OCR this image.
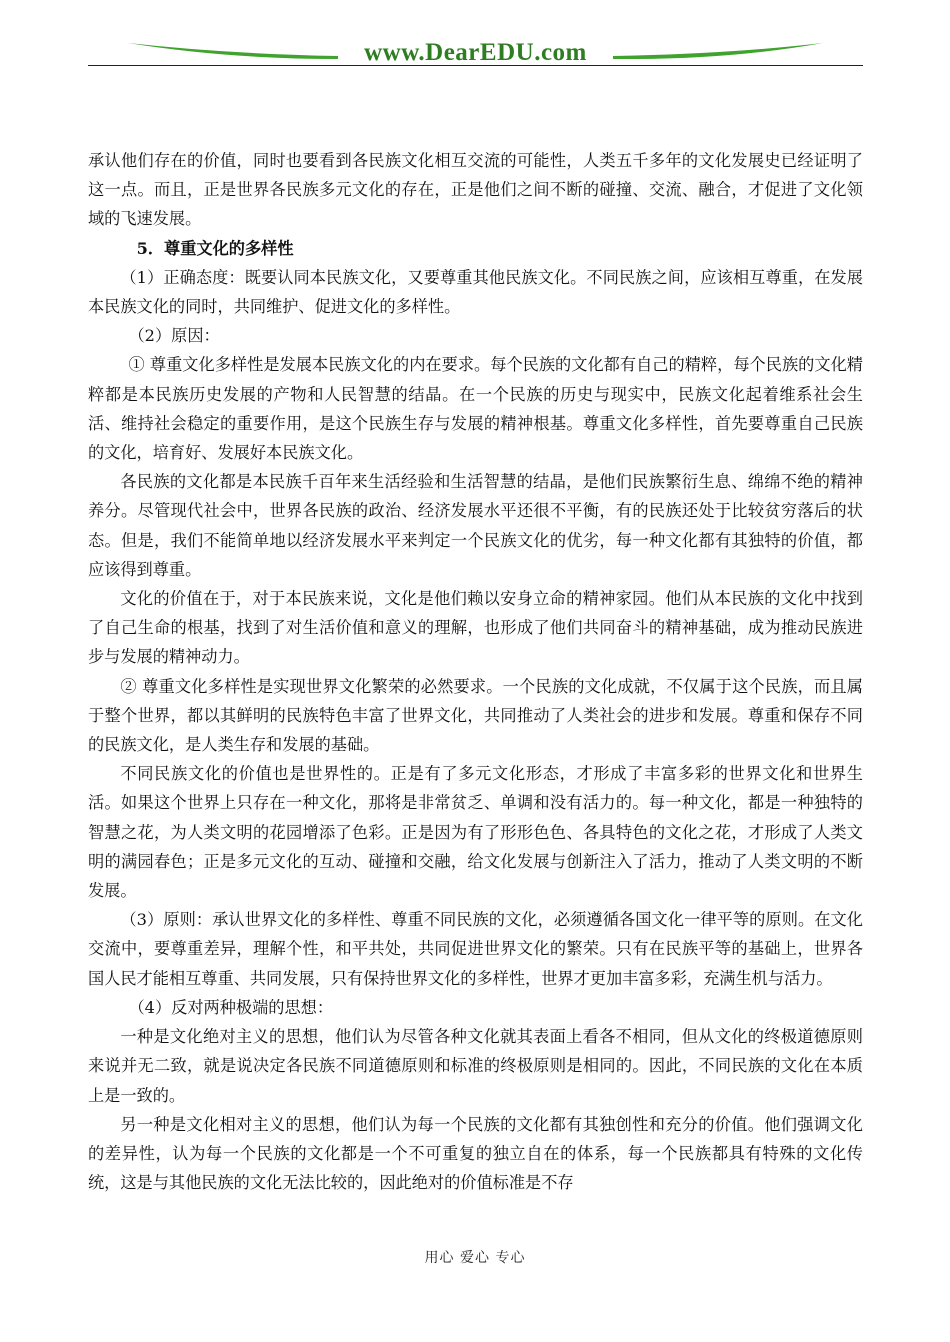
www.DearEDU.com

承认他们存在的价值，同时也要看到各民族文化相互交流的可能性，人类五千多年的文化发展史已经证明了这一点。而且，正是世界各民族多元文化的存在，正是他们之间不断的碰撞、交流、融合，才促进了文化领域的飞速发展。

5．尊重文化的多样性

（1）正确态度：既要认同本民族文化，又要尊重其他民族文化。不同民族之间，应该相互尊重，在发展本民族文化的同时，共同维护、促进文化的多样性。

（2）原因：

① 尊重文化多样性是发展本民族文化的内在要求。每个民族的文化都有自己的精粹，每个民族的文化精粹都是本民族历史发展的产物和人民智慧的结晶。在一个民族的历史与现实中，民族文化起着维系社会生活、维持社会稳定的重要作用，是这个民族生存与发展的精神根基。尊重文化多样性，首先要尊重自己民族的文化，培育好、发展好本民族文化。

各民族的文化都是本民族千百年来生活经验和生活智慧的结晶，是他们民族繁衍生息、绵绵不绝的精神养分。尽管现代社会中，世界各民族的政治、经济发展水平还很不平衡，有的民族还处于比较贫穷落后的状态。但是，我们不能简单地以经济发展水平来判定一个民族文化的优劣，每一种文化都有其独特的价值，都应该得到尊重。

文化的价值在于，对于本民族来说，文化是他们赖以安身立命的精神家园。他们从本民族的文化中找到了自己生命的根基，找到了对生活价值和意义的理解，也形成了他们共同奋斗的精神基础，成为推动民族进步与发展的精神动力。

② 尊重文化多样性是实现世界文化繁荣的必然要求。一个民族的文化成就，不仅属于这个民族，而且属于整个世界，都以其鲜明的民族特色丰富了世界文化，共同推动了人类社会的进步和发展。尊重和保存不同的民族文化，是人类生存和发展的基础。

不同民族文化的价值也是世界性的。正是有了多元文化形态，才形成了丰富多彩的世界文化和世界生活。如果这个世界上只存在一种文化，那将是非常贫乏、单调和没有活力的。每一种文化，都是一种独特的智慧之花，为人类文明的花园增添了色彩。正是因为有了形形色色、各具特色的文化之花，才形成了人类文明的满园春色；正是多元文化的互动、碰撞和交融，给文化发展与创新注入了活力，推动了人类文明的不断发展。

（3）原则：承认世界文化的多样性、尊重不同民族的文化，必须遵循各国文化一律平等的原则。在文化交流中，要尊重差异，理解个性，和平共处，共同促进世界文化的繁荣。只有在民族平等的基础上，世界各国人民才能相互尊重、共同发展，只有保持世界文化的多样性，世界才更加丰富多彩，充满生机与活力。

（4）反对两种极端的思想：

一种是文化绝对主义的思想，他们认为尽管各种文化就其表面上看各不相同，但从文化的终极道德原则来说并无二致，就是说决定各民族不同道德原则和标准的终极原则是相同的。因此，不同民族的文化在本质上是一致的。

另一种是文化相对主义的思想，他们认为每一个民族的文化都有其独创性和充分的价值。他们强调文化的差异性，认为每一个民族的文化都是一个不可重复的独立自在的体系，每一个民族都具有特殊的文化传统，这是与其他民族的文化无法比较的，因此绝对的价值标准是不存

用心 爱心 专心
